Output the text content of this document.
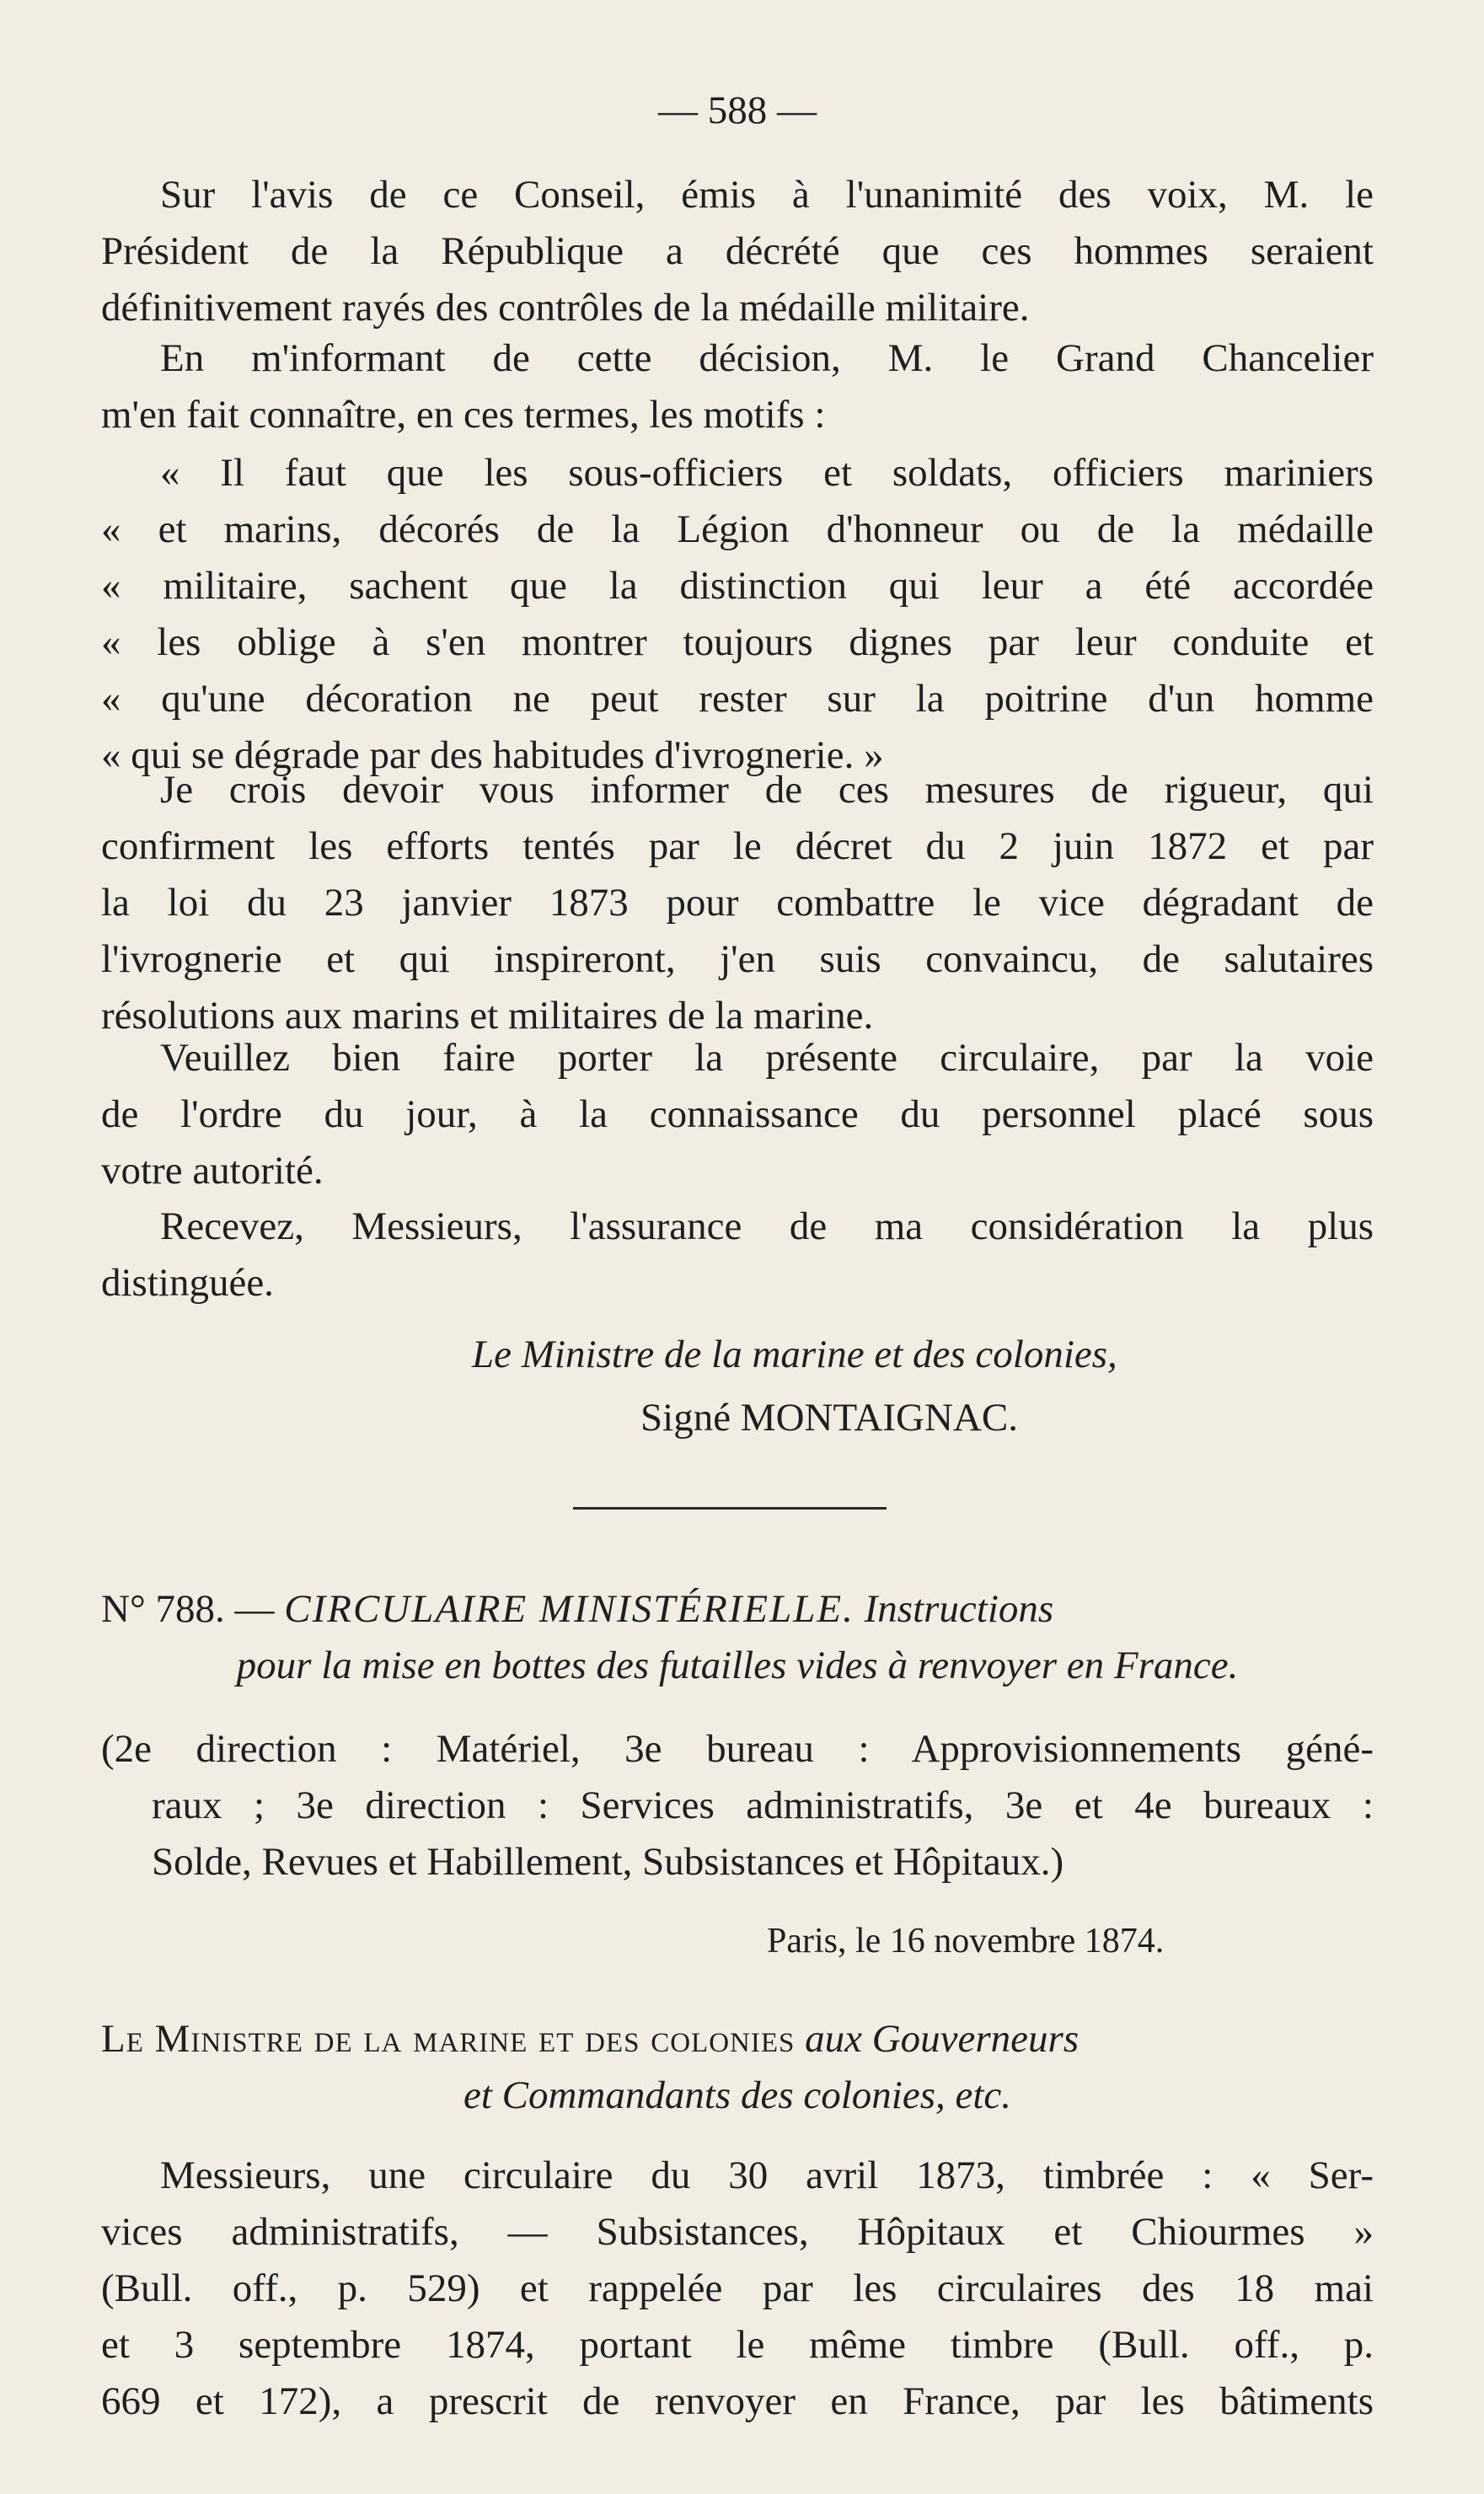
— 588 —
Sur l'avis de ce Conseil, émis à l'unanimité des voix, M. le
Président de la République a décrété que ces hommes seraient
définitivement rayés des contrôles de la médaille militaire.
En m'informant de cette décision, M. le Grand Chancelier
m'en fait connaître, en ces termes, les motifs :
« Il faut que les sous-officiers et soldats, officiers mariniers
« et marins, décorés de la Légion d'honneur ou de la médaille
« militaire, sachent que la distinction qui leur a été accordée
« les oblige à s'en montrer toujours dignes par leur conduite et
« qu'une décoration ne peut rester sur la poitrine d'un homme
« qui se dégrade par des habitudes d'ivrognerie. »
Je crois devoir vous informer de ces mesures de rigueur, qui
confirment les efforts tentés par le décret du 2 juin 1872 et par
la loi du 23 janvier 1873 pour combattre le vice dégradant de
l'ivrognerie et qui inspireront, j'en suis convaincu, de salutaires
résolutions aux marins et militaires de la marine.
Veuillez bien faire porter la présente circulaire, par la voie
de l'ordre du jour, à la connaissance du personnel placé sous
votre autorité.
Recevez, Messieurs, l'assurance de ma considération la plus
distinguée.
Le Ministre de la marine et des colonies,
Signé MONTAIGNAC.
N° 788. — CIRCULAIRE MINISTÉRIELLE. Instructions
pour la mise en bottes des futailles vides à renvoyer en France.
(2e direction : Matériel, 3e bureau : Approvisionnements géné-
raux ; 3e direction : Services administratifs, 3e et 4e bureaux :
Solde, Revues et Habillement, Subsistances et Hôpitaux.)
Paris, le 16 novembre 1874.
Le Ministre de la marine et des colonies aux Gouverneurs
et Commandants des colonies, etc.
Messieurs, une circulaire du 30 avril 1873, timbrée : « Ser-
vices administratifs, — Subsistances, Hôpitaux et Chiourmes »
(Bull. off., p. 529) et rappelée par les circulaires des 18 mai
et 3 septembre 1874, portant le même timbre (Bull. off., p.
669 et 172), a prescrit de renvoyer en France, par les bâtiments
